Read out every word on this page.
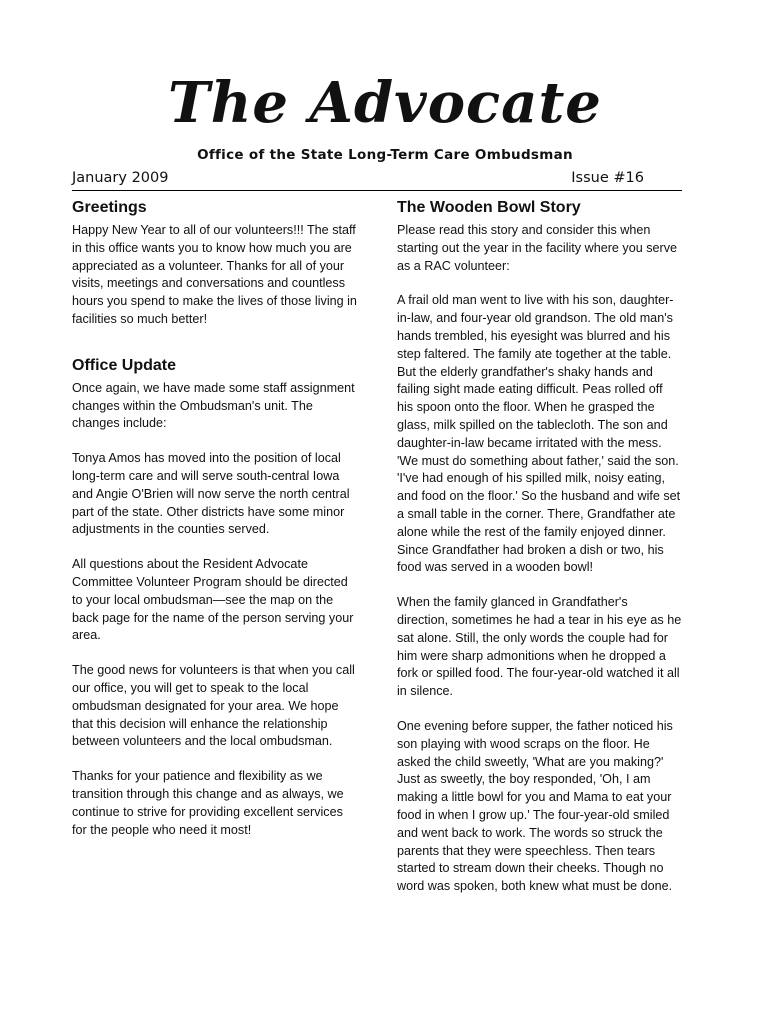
The Advocate
Office of the State Long-Term Care Ombudsman
January 2009	Issue #16
Greetings

Happy New Year to all of our volunteers!!! The staff in this office wants you to know how much you are appreciated as a volunteer. Thanks for all of your visits, meetings and conversations and countless hours you spend to make the lives of those living in facilities so much better!

Office Update

Once again, we have made some staff assignment changes within the Ombudsman's unit. The changes include:

Tonya Amos has moved into the position of local long-term care and will serve south-central Iowa and Angie O'Brien will now serve the north central part of the state. Other districts have some minor adjustments in the counties served.

All questions about the Resident Advocate Committee Volunteer Program should be directed to your local ombudsman—see the map on the back page for the name of the person serving your area.

The good news for volunteers is that when you call our office, you will get to speak to the local ombudsman designated for your area. We hope that this decision will enhance the relationship between volunteers and the local ombudsman.

Thanks for your patience and flexibility as we transition through this change and as always, we continue to strive for providing excellent services for the people who need it most!

The Wooden Bowl Story

Please read this story and consider this when starting out the year in the facility where you serve as a RAC volunteer:

A frail old man went to live with his son, daughter-in-law, and four-year old grandson. The old man's hands trembled, his eyesight was blurred and his step faltered. The family ate together at the table. But the elderly grandfather's shaky hands and failing sight made eating difficult. Peas rolled off his spoon onto the floor. When he grasped the glass, milk spilled on the tablecloth. The son and daughter-in-law became irritated with the mess. 'We must do something about father,' said the son. 'I've had enough of his spilled milk, noisy eating, and food on the floor.' So the husband and wife set a small table in the corner. There, Grandfather ate alone while the rest of the family enjoyed dinner. Since Grandfather had broken a dish or two, his food was served in a wooden bowl!

When the family glanced in Grandfather's direction, sometimes he had a tear in his eye as he sat alone. Still, the only words the couple had for him were sharp admonitions when he dropped a fork or spilled food. The four-year-old watched it all in silence.

One evening before supper, the father noticed his son playing with wood scraps on the floor. He asked the child sweetly, 'What are you making?' Just as sweetly, the boy responded, 'Oh, I am making a little bowl for you and Mama to eat your food in when I grow up.' The four-year-old smiled and went back to work. The words so struck the parents that they were speechless. Then tears started to stream down their cheeks. Though no word was spoken, both knew what must be done.
